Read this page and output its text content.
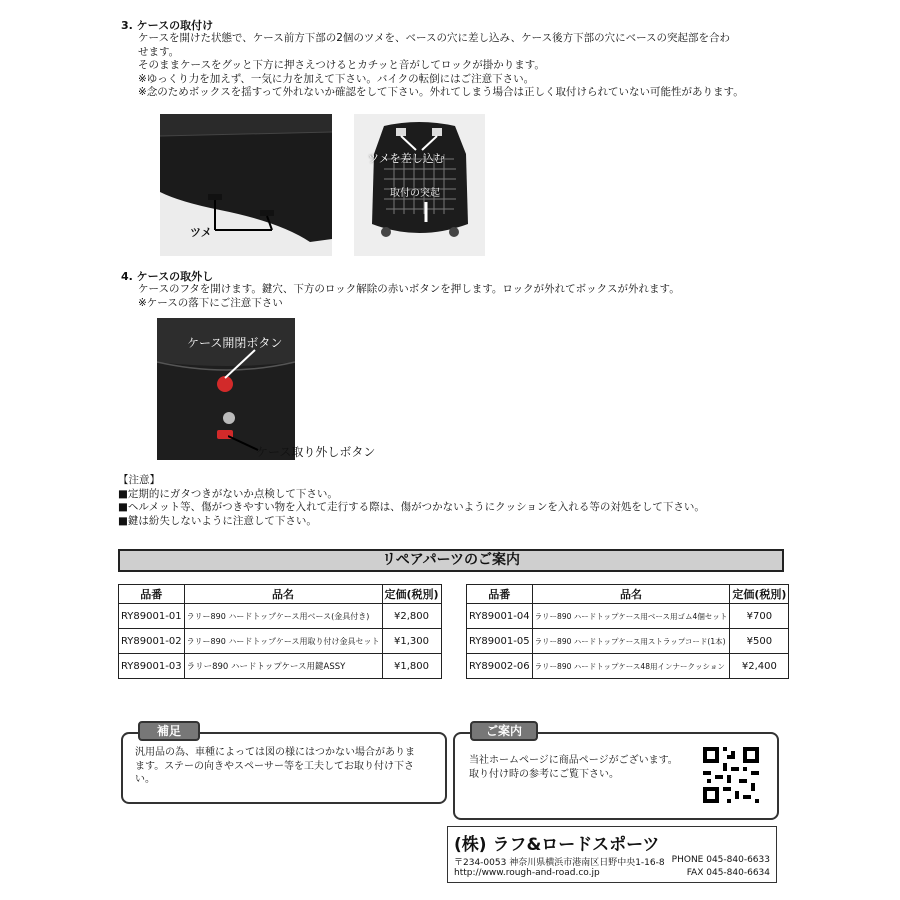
3. ケースの取付け
ケースを開けた状態で、ケース前方下部の2個のツメを、ベースの穴に差し込み、ケース後方下部の穴にベースの突起部を合わ
せます。
そのままケースをグッと下方に押さえつけるとカチッと音がしてロックが掛かります。
※ゆっくり力を加えず、一気に力を加えて下さい。バイクの転倒にはご注意下さい。
※念のためボックスを揺すって外れないか確認をして下さい。外れてしまう場合は正しく取付けられていない可能性があります。
ツメ
ツメを差し込む
取付の突起
4. ケースの取外し
ケースのフタを開けます。鍵穴、下方のロック解除の赤いボタンを押します。ロックが外れてボックスが外れます。
※ケースの落下にご注意下さい
ケース開閉ボタン
ケース取り外しボタン
【注意】
■定期的にガタつきがないか点検して下さい。
■ヘルメット等、傷がつきやすい物を入れて走行する際は、傷がつかないようにクッションを入れる等の対処をして下さい。
■鍵は紛失しないように注意して下さい。
リペアパーツのご案内
品番	品名	定価(税別)
RY89001-01	ラリー890 ハードトップケース用ベース(金具付き)	¥2,800
RY89001-02	ラリー890 ハードトップケース用取り付け金具セット	¥1,300
RY89001-03	ラリー890 ハードトップケース用鍵ASSY	¥1,800
品番	品名	定価(税別)
RY89001-04	ラリー890 ハードトップケース用ベース用ゴム4個セット	¥700
RY89001-05	ラリー890 ハードトップケース用ストラップコード(1本)	¥500
RY89002-06	ラリー890 ハードトップケース48用インナークッション	¥2,400
汎用品の為、車種によっては図の様にはつかない場合がありま
ます。ステーの向きやスペーサー等を工夫してお取り付け下さ
い。
補足
当社ホームページに商品ページがございます。
取り付け時の参考にご覧下さい。
ご案内
(株) ラフ&ロードスポーツ
〒234-0053 神奈川県横浜市港南区日野中央1-16-8 PHONE 045-840-6633
http://www.rough-and-road.co.jp	FAX 045-840-6634
